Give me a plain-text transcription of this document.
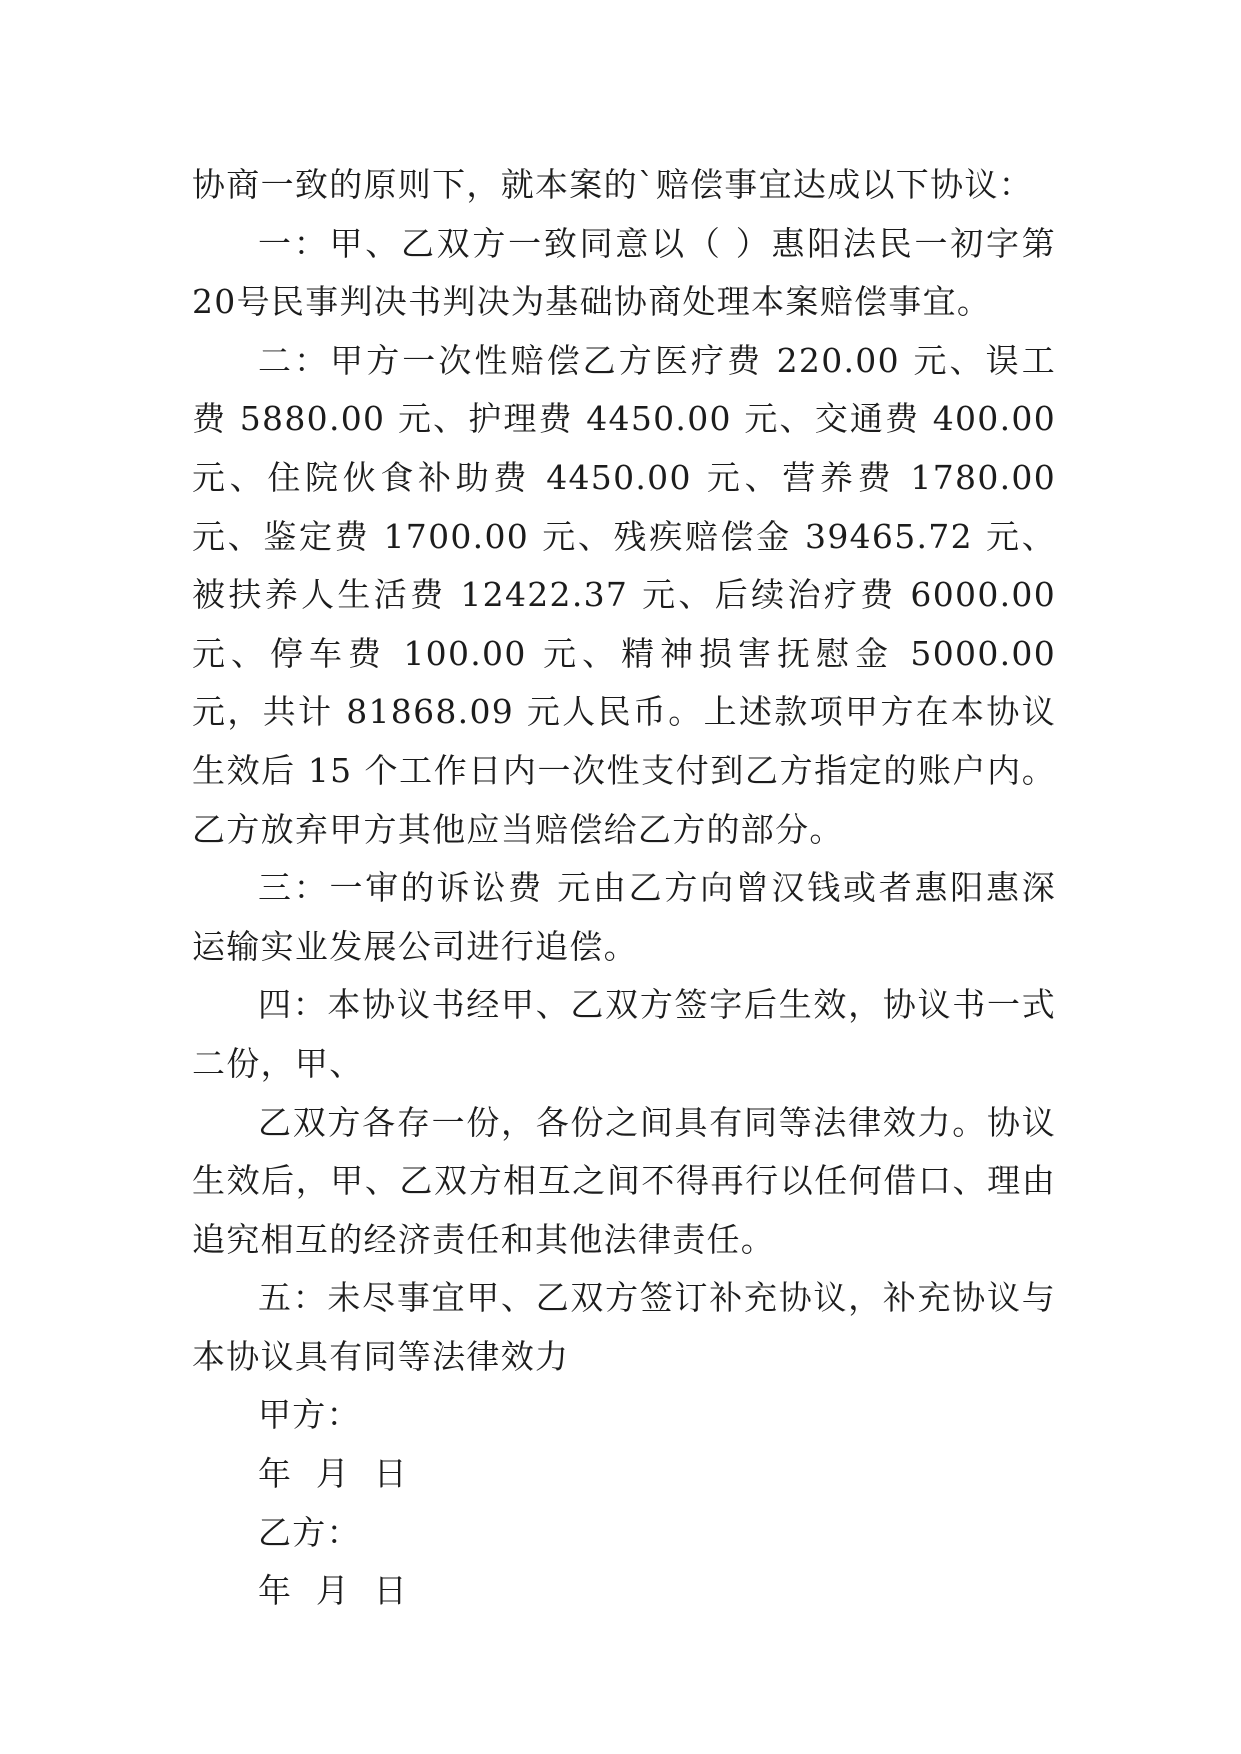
协商一致的原则下，就本案的`赔偿事宜达成以下协议：

一：甲、乙双方一致同意以（ ）惠阳法民一初字第20号民事判决书判决为基础协商处理本案赔偿事宜。

二：甲方一次性赔偿乙方医疗费 220.00 元、误工费 5880.00 元、护理费 4450.00 元、交通费 400.00 元、住院伙食补助费 4450.00 元、营养费 1780.00 元、鉴定费 1700.00 元、残疾赔偿金 39465.72 元、被扶养人生活费 12422.37 元、后续治疗费 6000.00 元、停车费 100.00 元、精神损害抚慰金 5000.00 元，共计 81868.09 元人民币。上述款项甲方在本协议生效后 15 个工作日内一次性支付到乙方指定的账户内。乙方放弃甲方其他应当赔偿给乙方的部分。

三：一审的诉讼费 元由乙方向曾汉钱或者惠阳惠深运输实业发展公司进行追偿。

四：本协议书经甲、乙双方签字后生效，协议书一式二份，甲、

乙双方各存一份，各份之间具有同等法律效力。协议生效后，甲、乙双方相互之间不得再行以任何借口、理由追究相互的经济责任和其他法律责任。

五：未尽事宜甲、乙双方签订补充协议，补充协议与本协议具有同等法律效力

甲方：

年  月  日

乙方：

年  月  日
